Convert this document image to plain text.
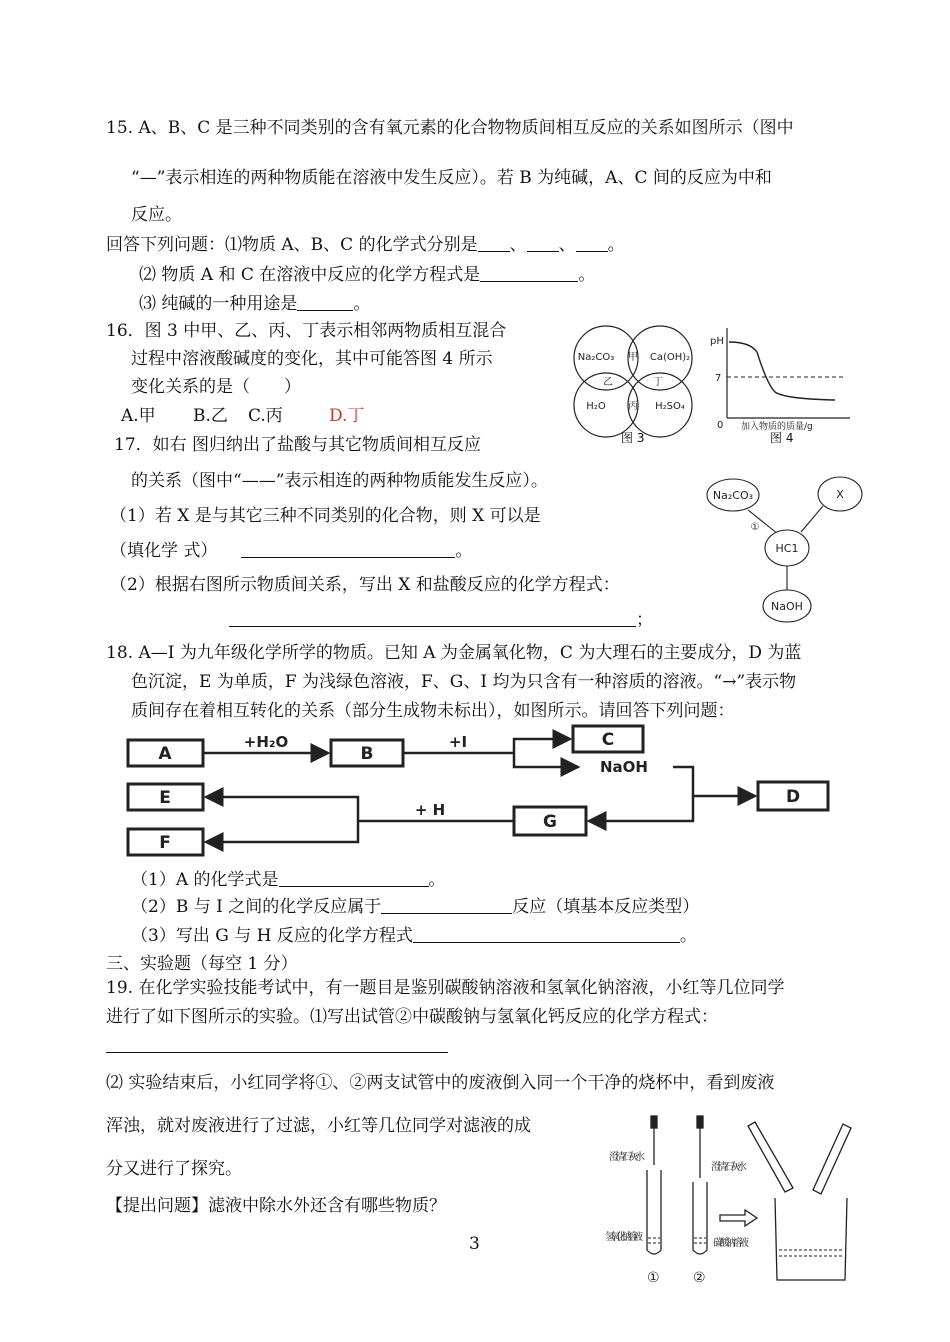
15. A、B、C 是三种不同类别的含有氧元素的化合物物质间相互反应的关系如图所示（图中
“—”表示相连的两种物质能在溶液中发生反应）。若 B 为纯碱，A、C 间的反应为中和
反应。
回答下列问题：⑴物质 A、B、C 的化学式分别是 、 、 。
⑵ 物质 A 和 C 在溶液中反应的化学方程式是	。
⑶ 纯碱的一种用途是	。
16．图 3 中甲、乙、丙、丁表示相邻两物质相互混合
过程中溶液酸碱度的变化，其中可能答图 4 所示
变化关系的是（　　）
A.甲 B.乙 C.丙	D.丁
Na₂CO₃	Ca(OH)₂
H₂O	H₂SO₄
甲
乙	丁
丙
图 3
pH
7
0 加入物质的质量/g
图 4
17．如右 图归纳出了盐酸与其它物质间相互反应
的关系（图中“——”表示相连的两种物质能发生反应）。
（1）若 X 是与其它三种不同类别的化合物，则 X 可以是
（填化学 式）	。
（2）根据右图所示物质间关系，写出 X 和盐酸反应的化学方程式：
；
Na₂CO₃	X
HC1
NaOH
①
18. A—I 为九年级化学所学的物质。已知 A 为金属氧化物，C 为大理石的主要成分，D 为蓝
色沉淀，E 为单质，F 为浅绿色溶液，F、G、I 均为只含有一种溶质的溶液。“→”表示物
质间存在着相互转化的关系（部分生成物未标出），如图所示。请回答下列问题：
A	B
C
D
E
F
G
+H₂O	+I
NaOH
+ H
（1）A 的化学式是	。
（2）B 与 I 之间的化学反应属于	反应（填基本反应类型）
（3）写出 G 与 H 反应的化学方程式	。
三、实验题（每空 1 分）
19. 在化学实验技能考试中，有一题目是鉴别碳酸钠溶液和氢氧化钠溶液，小红等几位同学
进行了如下图所示的实验。⑴写出试管②中碳酸钠与氢氧化钙反应的化学方程式：
⑵ 实验结束后，小红同学将①、②两支试管中的废液倒入同一个干净的烧杯中，看到废液
浑浊，就对废液进行了过滤，小红等几位同学对滤液的成
分又进行了探究。
【提出问题】滤液中除水外还含有哪些物质？
澄清石灰水
澄清石灰水
氢氧化钠溶液
碳酸钠溶液
① ②
3
